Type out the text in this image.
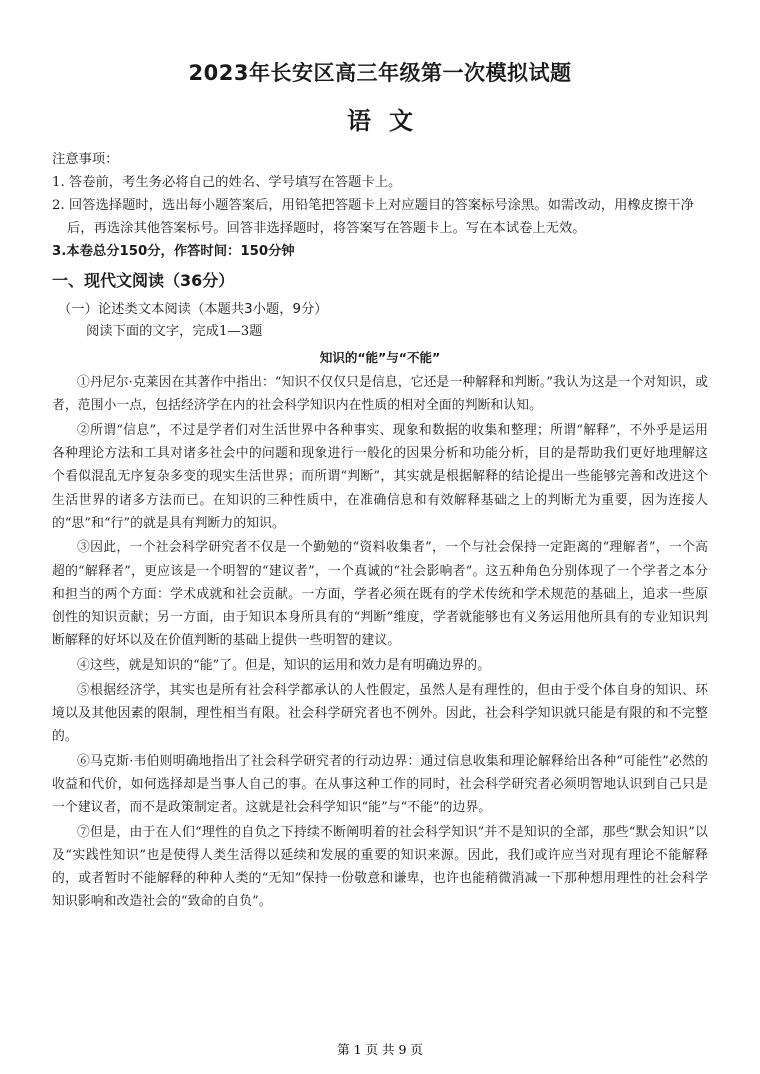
2023年长安区高三年级第一次模拟试题
语文

注意事项：

1. 答卷前，考生务必将自己的姓名、学号填写在答题卡上。

2. 回答选择题时，选出每小题答案后，用铅笔把答题卡上对应题目的答案标号涂黑。如需改动，用橡皮擦干净后，再选涂其他答案标号。回答非选择题时，将答案写在答题卡上。写在本试卷上无效。

3.本卷总分150分，作答时间：150分钟

一、现代文阅读（36分）

（一）论述类文本阅读（本题共3小题，9分）

阅读下面的文字，完成1—3题

知识的“能”与“不能”

①丹尼尔·克莱因在其著作中指出：“知识不仅仅只是信息，它还是一种解释和判断。”我认为这是一个对知识，或者，范围小一点，包括经济学在内的社会科学知识内在性质的相对全面的判断和认知。

②所谓“信息”，不过是学者们对生活世界中各种事实、现象和数据的收集和整理；所谓“解释”，不外乎是运用各种理论方法和工具对诸多社会中的问题和现象进行一般化的因果分析和功能分析，目的是帮助我们更好地理解这个看似混乱无序复杂多变的现实生活世界；而所谓“判断”，其实就是根据解释的结论提出一些能够完善和改进这个生活世界的诸多方法而已。在知识的三种性质中，在准确信息和有效解释基础之上的判断尤为重要，因为连接人的“思”和“行”的就是具有判断力的知识。

③因此，一个社会科学研究者不仅是一个勤勉的“资料收集者”，一个与社会保持一定距离的“理解者”，一个高超的“解释者”，更应该是一个明智的“建议者”，一个真诚的“社会影响者”。这五种角色分别体现了一个学者之本分和担当的两个方面：学术成就和社会贡献。一方面，学者必须在既有的学术传统和学术规范的基础上，追求一些原创性的知识贡献；另一方面，由于知识本身所具有的“判断”维度，学者就能够也有义务运用他所具有的专业知识判断解释的好坏以及在价值判断的基础上提供一些明智的建议。

④这些，就是知识的“能”了。但是，知识的运用和效力是有明确边界的。

⑤根据经济学，其实也是所有社会科学都承认的人性假定，虽然人是有理性的，但由于受个体自身的知识、环境以及其他因素的限制，理性相当有限。社会科学研究者也不例外。因此，社会科学知识就只能是有限的和不完整的。

⑥马克斯·韦伯则明确地指出了社会科学研究者的行动边界：通过信息收集和理论解释给出各种“可能性”必然的收益和代价，如何选择却是当事人自己的事。在从事这种工作的同时，社会科学研究者必须明智地认识到自己只是一个建议者，而不是政策制定者。这就是社会科学知识“能”与“不能”的边界。

⑦但是，由于在人们“理性的自负之下持续不断阐明着的社会科学知识”并不是知识的全部，那些“默会知识”以及“实践性知识”也是使得人类生活得以延续和发展的重要的知识来源。因此，我们或许应当对现有理论不能解释的，或者暂时不能解释的种种人类的“无知”保持一份敬意和谦卑，也许也能稍微消减一下那种想用理性的社会科学知识影响和改造社会的“致命的自负”。

第 1 页 共 9 页
